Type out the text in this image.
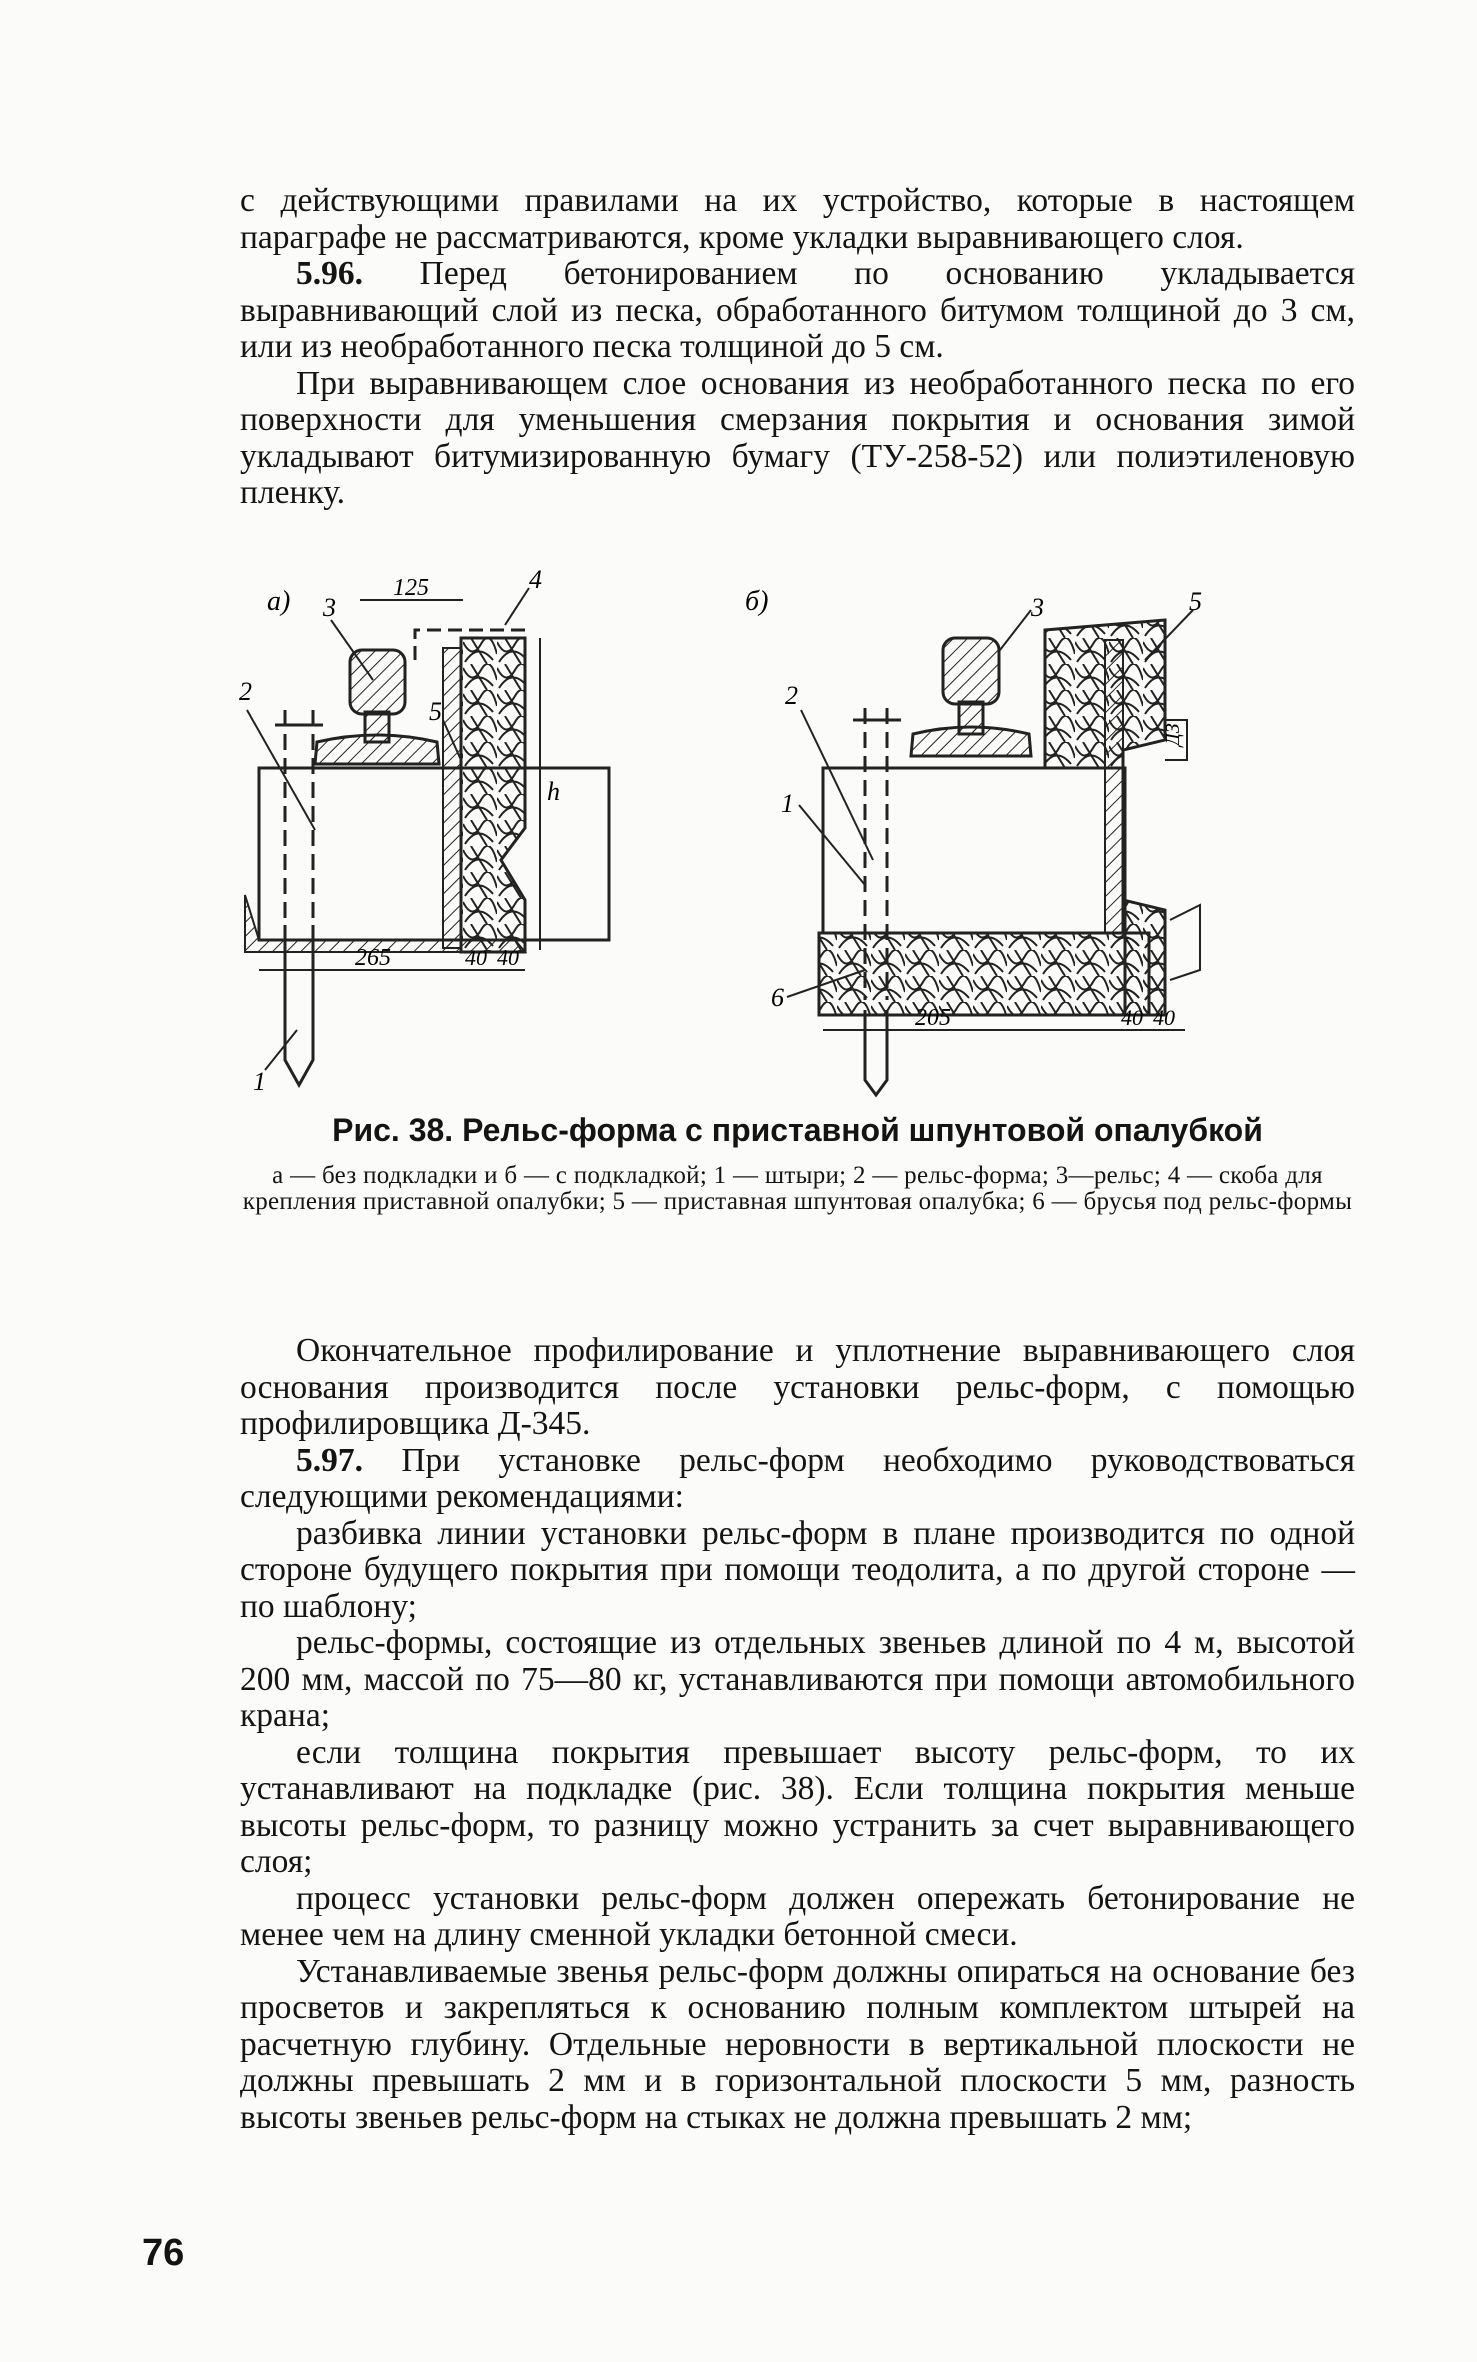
с действующими правилами на их устройство, которые в настоящем параграфе не рассматриваются, кроме укладки выравнивающего слоя.

5.96. Перед бетонированием по основанию укладывается выравнивающий слой из песка, обработанного битумом толщиной до 3 см, или из необработанного песка толщиной до 5 см.

При выравнивающем слое основания из необработанного песка по его поверхности для уменьшения смерзания покрытия и основания зимой укладывают битумизированную бумагу (ТУ-258-52) или полиэтиленовую пленку.

а)	125
h
265	40 40
2
1
3
4
5
б)
ДЗ
205	40 40
2
1
3	5
6
Рис. 38. Рельс-форма с приставной шпунтовой опалубкой
а — без подкладки и б — с подкладкой; 1 — штыри; 2 — рельс-форма; 3—рельс; 4 — скоба для крепления приставной опалубки; 5 — приставная шпунтовая опалубка; 6 — брусья под рельс-формы

Окончательное профилирование и уплотнение выравнивающего слоя основания производится после установки рельс-форм, с помощью профилировщика Д-345.

5.97. При установке рельс-форм необходимо руководствоваться следующими рекомендациями:

разбивка линии установки рельс-форм в плане производится по одной стороне будущего покрытия при помощи теодолита, а по другой стороне — по шаблону;

рельс-формы, состоящие из отдельных звеньев длиной по 4 м, высотой 200 мм, массой по 75—80 кг, устанавливаются при помощи автомобильного крана;

если толщина покрытия превышает высоту рельс-форм, то их устанавливают на подкладке (рис. 38). Если толщина покрытия меньше высоты рельс-форм, то разницу можно устранить за счет выравнивающего слоя;

процесс установки рельс-форм должен опережать бетонирование не менее чем на длину сменной укладки бетонной смеси.

Устанавливаемые звенья рельс-форм должны опираться на основание без просветов и закрепляться к основанию полным комплектом штырей на расчетную глубину. Отдельные неровности в вертикальной плоскости не должны превышать 2 мм и в горизонтальной плоскости 5 мм, разность высоты звеньев рельс-форм на стыках не должна превышать 2 мм;

76
